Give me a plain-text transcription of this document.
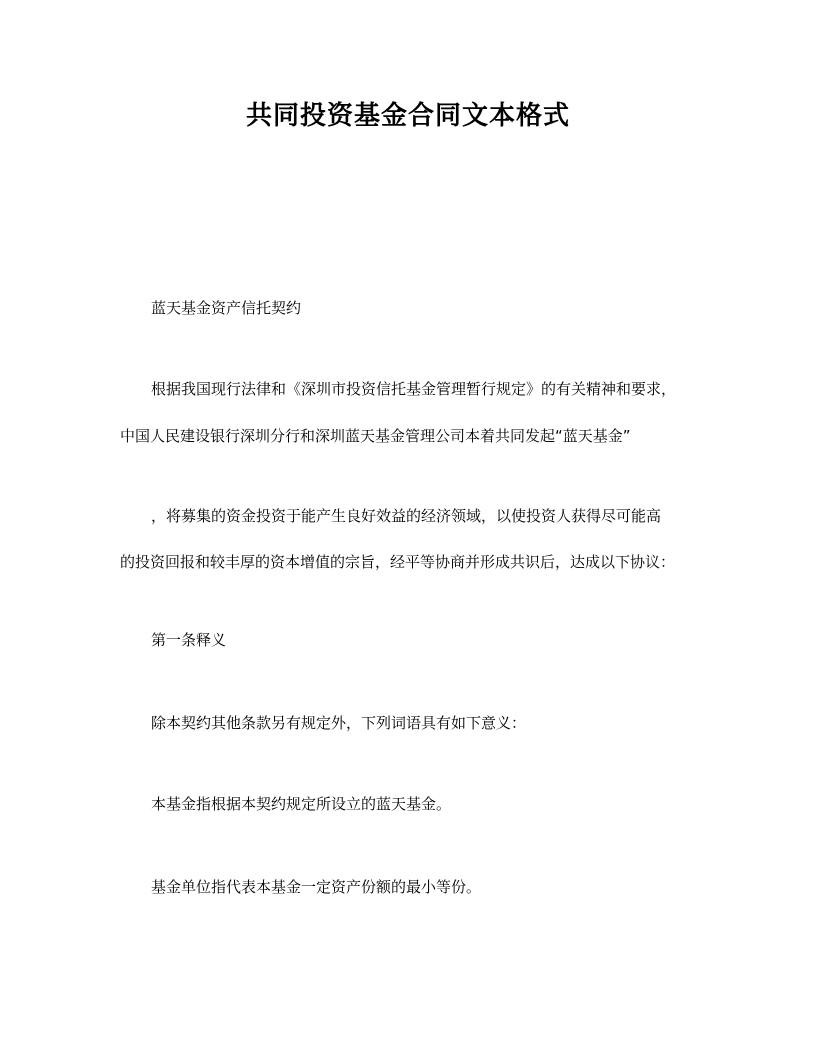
共同投资基金合同文本格式
蓝天基金资产信托契约
根据我国现行法律和《深圳市投资信托基金管理暂行规定》的有关精神和要求，
中国人民建设银行深圳分行和深圳蓝天基金管理公司本着共同发起“蓝天基金”
，将募集的资金投资于能产生良好效益的经济领域，以使投资人获得尽可能高
的投资回报和较丰厚的资本增值的宗旨，经平等协商并形成共识后，达成以下协议：
第一条释义
除本契约其他条款另有规定外，下列词语具有如下意义：
本基金指根据本契约规定所设立的蓝天基金。
基金单位指代表本基金一定资产份额的最小等份。
